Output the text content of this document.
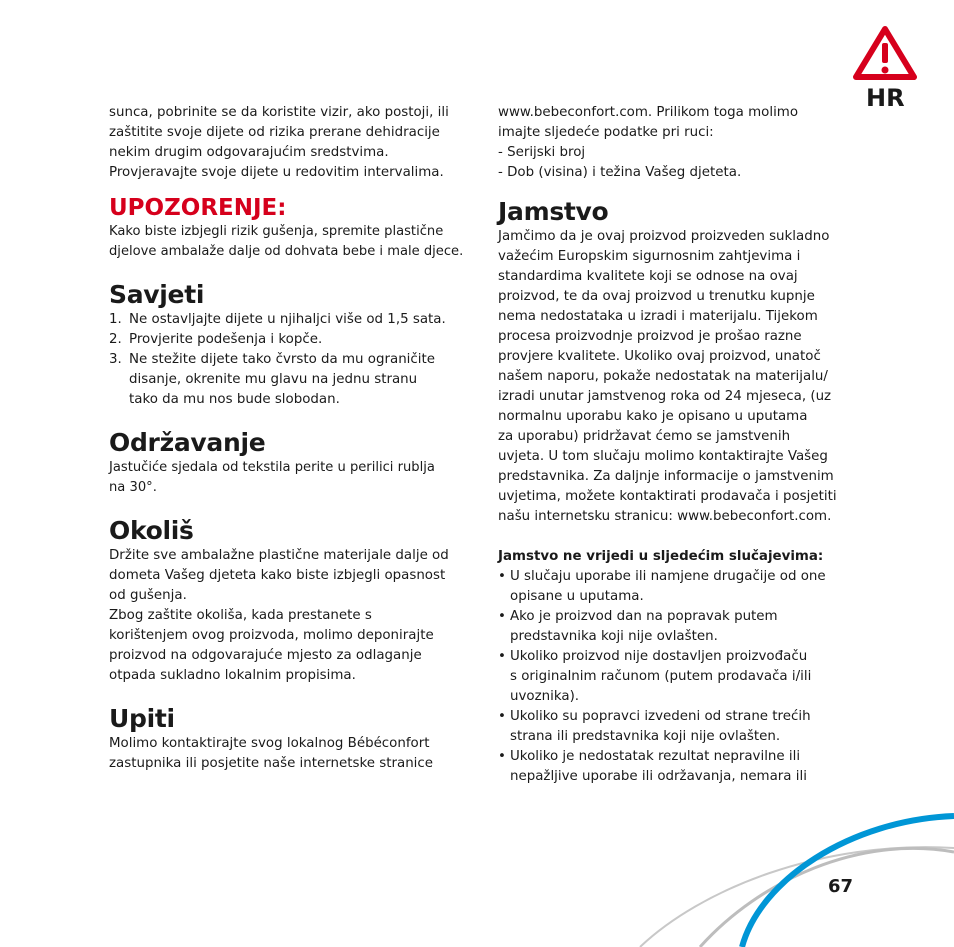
HR

sunca, pobrinite se da koristite vizir, ako postoji, ili

zaštitite svoje dijete od rizika prerane dehidracije

nekim drugim odgovarajućim sredstvima.

Provjeravajte svoje dijete u redovitim intervalima.

UPOZORENJE:

Kako biste izbjegli rizik gušenja, spremite plastične

djelove ambalaže dalje od dohvata bebe i male djece.

Savjeti
1. Ne ostavljajte dijete u njihaljci više od 1,5 sata.

2. Provjerite podešenja i kopče.

3. Ne stežite dijete tako čvrsto da mu ograničite

disanje, okrenite mu glavu na jednu stranu

tako da mu nos bude slobodan.

Održavanje

Jastučiće sjedala od tekstila perite u perilici rublja

na 30°.

Okoliš

Držite sve ambalažne plastične materijale dalje od

dometa Vašeg djeteta kako biste izbjegli opasnost

od gušenja.

Zbog zaštite okoliša, kada prestanete s

korištenjem ovog proizvoda, molimo deponirajte

proizvod na odgovarajuće mjesto za odlaganje

otpada sukladno lokalnim propisima.

Upiti

Molimo kontaktirajte svog lokalnog Bébéconfort

zastupnika ili posjetite naše internetske stranice

www.bebeconfort.com. Prilikom toga molimo

imajte sljedeće podatke pri ruci:

- Serijski broj

- Dob (visina) i težina Vašeg djeteta.

Jamstvo

Jamčimo da je ovaj proizvod proizveden sukladno

važećim Europskim sigurnosnim zahtjevima i

standardima kvalitete koji se odnose na ovaj

proizvod, te da ovaj proizvod u trenutku kupnje

nema nedostataka u izradi i materijalu. Tijekom

procesa proizvodnje proizvod je prošao razne

provjere kvalitete. Ukoliko ovaj proizvod, unatoč

našem naporu, pokaže nedostatak na materijalu/

izradi unutar jamstvenog roka od 24 mjeseca, (uz

normalnu uporabu kako je opisano u uputama

za uporabu) pridržavat ćemo se jamstvenih

uvjeta. U tom slučaju molimo kontaktirajte Vašeg

predstavnika. Za daljnje informacije o jamstvenim

uvjetima, možete kontaktirati prodavača i posjetiti

našu internetsku stranicu: www.bebeconfort.com.

Jamstvo ne vrijedi u sljedećim slučajevima:

• U slučaju uporabe ili namjene drugačije od one

opisane u uputama.

• Ako je proizvod dan na popravak putem

predstavnika koji nije ovlašten.

• Ukoliko proizvod nije dostavljen proizvođaču

s originalnim računom (putem prodavača i/ili

uvoznika).

• Ukoliko su popravci izvedeni od strane trećih

strana ili predstavnika koji nije ovlašten.

• Ukoliko je nedostatak rezultat nepravilne ili

nepažljive uporabe ili održavanja, nemara ili

67
